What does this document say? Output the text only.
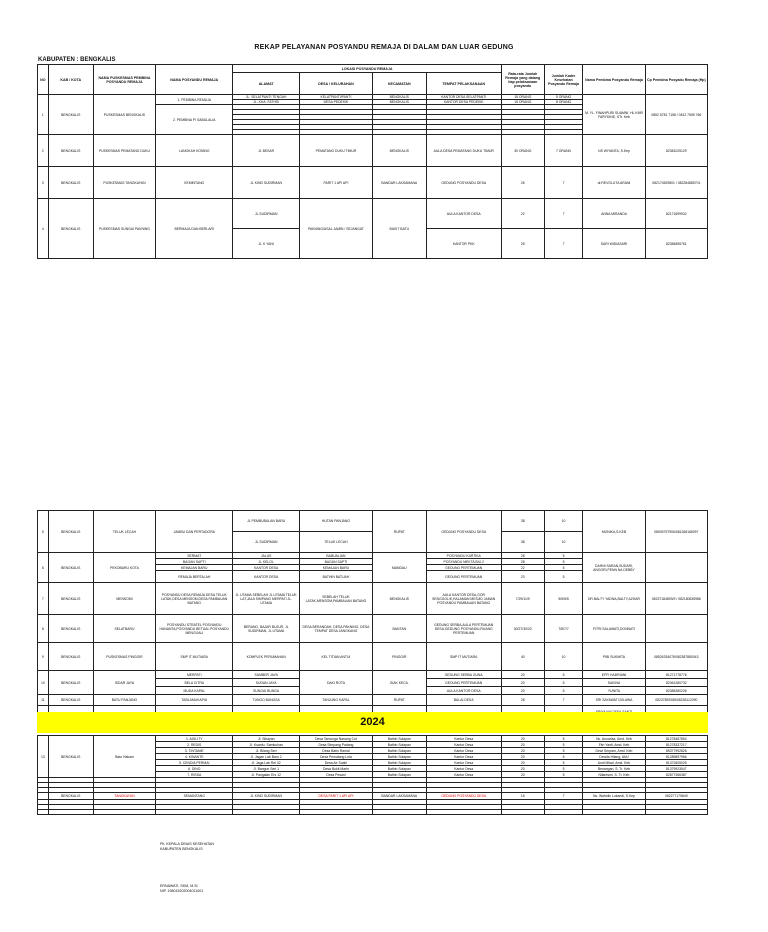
REKAP PELAYANAN POSYANDU REMAJA DI DALAM DAN LUAR GEDUNG
KABUPATEN : BENGKALIS
NO	KAB / KOTA	NAMA PUSKESMAS PEMBINA POSYANDU REMAJA	NAMA POSYANDU REMAJA	LOKASI POSYANDU REMAJA				Rata-rata Jumlah Remaja yang datang tiap pelaksanaan posyandu	Jumlah Kader Kesehatan Posyandu Remaja	Nama Pembina Posyandu Remaja	Cp Pembina Posyadu Remaja (Hp)
				ALAMAT	DESA / KELURAHAN	KECAMATAN	TEMPAT PELAKSANAAN				
1	BENGKALIS	PUSKESMAS BENGKALIS	1. PEMBINA REMAJA	JL. SELATPANTI TENGAH	KELATPANTI/PANTI	BENGKALIS	KANTOR DESA SELATPANTI	15 ORANG	5 ORANG	M. YL. FINAHPURI SUAMNI, HL.KMR FARYDINE, STr. Keb	0852 5781 7158 / 0812 7555 766
				JL. KHA. FATHSI	DESA PEDEKIK	BENGKALIS	KANTOR DESA PEDEKIK	15 ORANG	8 ORANG		
			2. PEMBINA PI SABULALIA								

2	BENGKALIS	PUSKESMAS PEMATANG DUKU	LANGKAH KONING	JL BESAR	PEMATANG DUKU TIMUR	BENGKALIS	AULA DESA PEMATANG DUKU TIMUR	30 ORANG	7 ORANG	NS WIYANTA, S.Kep	82381025129
3	BENGKALIS	PUSKESMAS TANGKAYAN	KEMINTANG	JL KIND SUDIRMAN	PARIT 1 API API	BANDAR LAKSAMANA	GEDUNG POSYANDU DESA	26	7	dr.REVOLUTA ARANI	082174529801 / 082284885701
4	BENGKALIS	PUSKESMAS SUNGAI PAKNING	BERMAJA DAN BERLARI	JL SUDIRMAN	PAKNING/ASAL JAMBI / SEJANGAT	BUKIT BATU	AULA KANTOR DESA	22	7	ANNA MIRANDA	82171699932
				JL K YANI			KANTOR PKK	25	7	SARI WIDIASARI	82384895761
5	BENGKALIS	TELUK LECAH	JAMBU DAN PERTADORA	JL PEMBUBULAN BARU	HUTAN PANJANG	RUPAT	GEDUNG POSYANDU DESA	38	10	MONIKA,S.KEB	08539757906/081268166097
				JL SUDIRMAN	TELUK LECAH			38	10		
6	BENGKALIS	PEKOBARU KOTA	SERMAT	JALUS	BABUALIAN	MANDAU	POSYANDU KARTIKA	28	5	DAHNI SARAN,SUDARI, ANGGRI,PENN NA DEBBY	
			BAGAN SAPTI	JL KELOL	BAGAN SAPTI		POSYANDU MEKTA BIU 2	28	5		
			KEMAJAN BARU	KANTOR DESA	KEMAJAN BARU		GEDUNG PERTEMUAN	22	5		
			REMAJA BERTALAH	KANTOR DESA	BATHIN BATUAH		GEDUNG PERTEMUAN	23	5		
7	BENGKALIS	MENSOMI	POSYANDU DESA REMAJA DESA TELUK LATAK,DESA MENSOM,DESA PAMBAUAN BATANG	JL UTAMA SEBELAH JL UTAMA TELUK LAT,JALA SIMPANG MERPATI JL. UTAMA	SEBELAH TELUK LATAK,MENSOM,PAMBAUAN BATANG	BENGKALIS	AULA KANTOR DESA,GOR SENGGOL/E,HALAMAN MESJID JAMAN POSYANDU PAMBAUAN BATANG	7/29/11/9	5/5/5/5	DR.BALTY YADNA,BALTY,AZHAR	08237184893/9 / 082180635986
8	BENGKALIS	SELATBARU	POSYANDU STRATEL POSYANDU HANANTA,POSYANDU BETUAL POSYANDU MENGIJAU	BERANG, BAJAR BUJUR, JL SUDIRMAN, JL UTAMA	DESA BERANDAH, DESA PAKNING, DESA TEMPAT DESA JANGKANG	BANTAN	GEDUNG SERBA,AULA PERTEMUAN DESA,GEDUNG POSYANDU,RUANG PERTEMUAN	30/27/30/20	7/8/7/7	FITRI SALAWATI,DONNATI	
9	BENGKALIS	PUSKESMAS PINGGIR	SMP IT MUTIARA	KOMPLEK PERUMAHAN	KEL TITIAN ANTUI	PINGGIR	SMP IT MUTIARA	40	10	PIBI SUKMITA	08526334078/082387880043
10	BENGKALIS	SIDAR JAYA	MERPATI	SUMBER JAYA	DAKI ROTA	SIAK KECIL	GEDUNG SERBA GUNA	20	5	EFFI HADRIANI	81271778776
			BELA CITRA	SUDAN JAYA			GEDUNG PERTEMUAN	20	5	SAKINA	82361280732
			MUDA KAPAL	SUNGAI BUNGA			AULA KANTOR DESA	20	5	YUNITA	82385280226
11	BENGKALIS	BATU PANJANG	TABLAMUKAPIA	TUNGO BANGSA	TANJUNG KAPAL	RUPAT	BALAI DESA	28	7	SRI SAYAWATI,DILAWA	08237892085/08238112090

2024
13	BENGKALIS	Batu Hakam	1. AGILITY	Jl. Sibayan	Desa Tamunga Nanang Cot	Bathin Solapan	Kantor Desa	20	5	Nc. Anuarisa, Amd. Keb	81278487854
			2. REDIS	Jl. Kuantu. Sambuhan	Desa Simpang Padang	Bathin Solapan	Kantor Desa	20	5	Fitri Yanti, Amd. Keb	81278337217
			3. TINTANIE	Jl. Bilang Seri	Desa Batin Ramal	Bathin Solapan	Kantor Desa	20	5	Dewi Srirpam, Amd. Keb	85377992826
			4. KINANTE	Jl. Jagan Lab Baru 2	Desa Pematang Lela	Bathin Solapan	Kantor Desa	20	5	Dewita Hilang, AMJ	81289897966
			5. CENDIA PERMAI	Jl. Jaga Lab Rel 32	Desa Air Suaih	Bathin Solapan	Kantor Desa	20	5	Andi Milad, Amd. Keb	81372605025
			6. DINO	Jl. Bangun Seri 1	Desa Bukit Marin	Bathin Solapan	Kantor Desa	20	5	Benangan, S. Tr. Keb	81379923547
			7. RISSA	Jl. Pangalan Ers 12	Desa Pesani	Bathin Solapan	Kantor Desa	20	5	Nilaresmi, S. Tr. Keb	82877356387

	BENGKALIS	TANGKAYAN	SEMANTANG	JL KIND SUDIRMAN	DESA PARIT 1 API API	BANDAR LAKSAMANA	GEDUNG POSYANDU DESA	15	7	Ns. Wahidin Lukandi, S.Kep	082277175849

Plt. KEPALA DINAS KESEHATAN
KABUPATEN BENGKALIS
ERNAWATI, SKM, M.Si
NIP. 198015202004011001
